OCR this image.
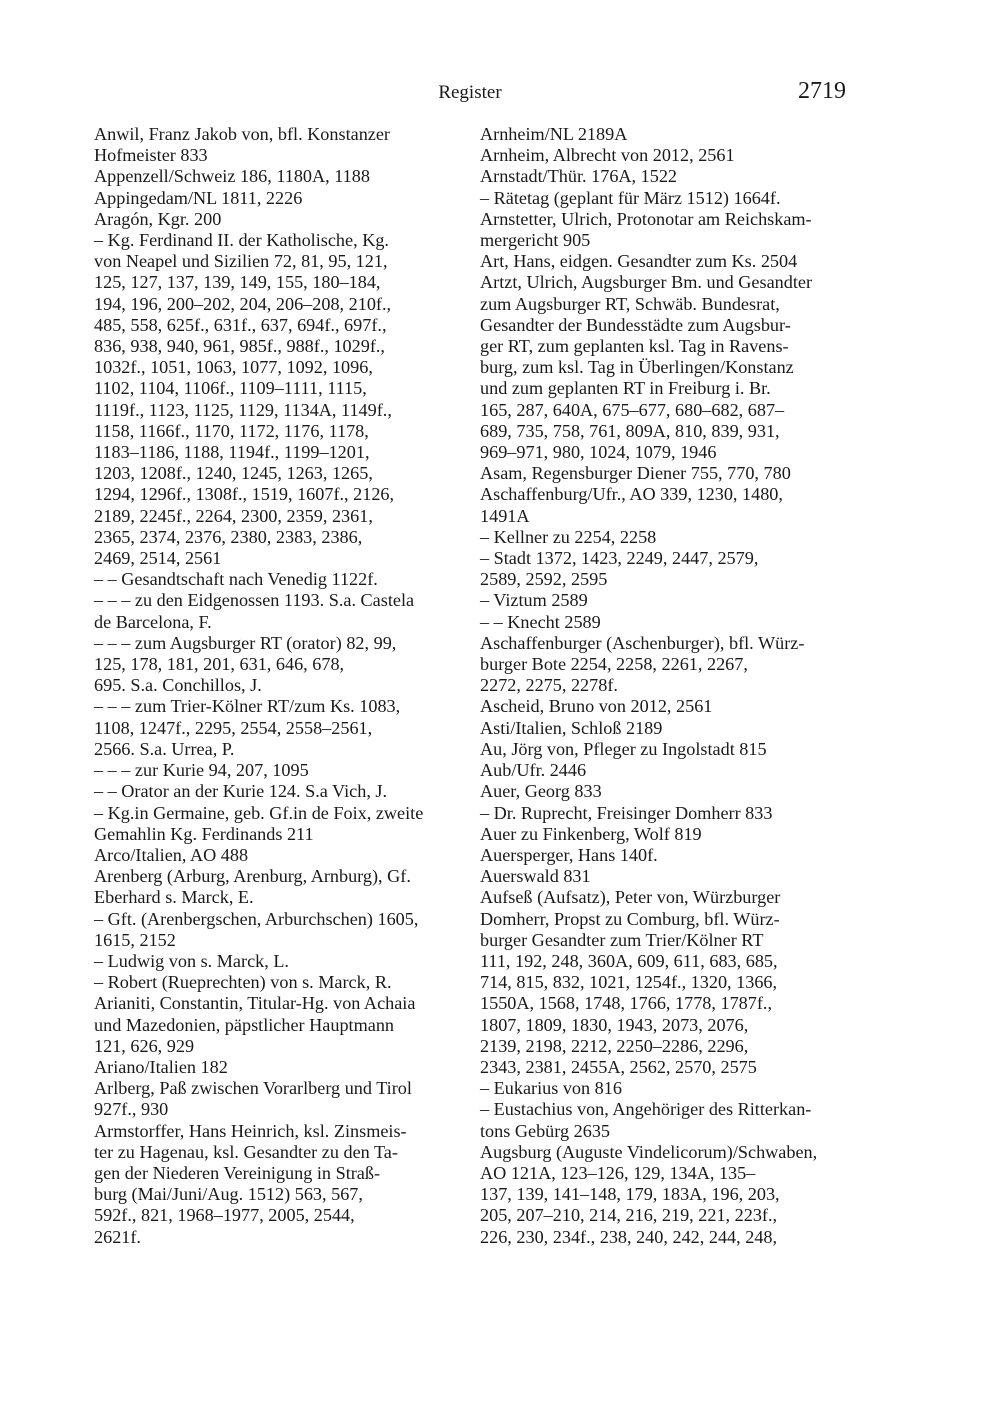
Register	2719

Anwil, Franz Jakob von, bfl. Konstanzer
Hofmeister 833

Appenzell/Schweiz 186, 1180A, 1188

Appingedam/NL 1811, 2226

Aragón, Kgr. 200

– Kg. Ferdinand II. der Katholische, Kg.
von Neapel und Sizilien 72, 81, 95, 121,
125, 127, 137, 139, 149, 155, 180–184,
194, 196, 200–202, 204, 206–208, 210f.,
485, 558, 625f., 631f., 637, 694f., 697f.,
836, 938, 940, 961, 985f., 988f., 1029f.,
1032f., 1051, 1063, 1077, 1092, 1096,
1102, 1104, 1106f., 1109–1111, 1115,
1119f., 1123, 1125, 1129, 1134A, 1149f.,
1158, 1166f., 1170, 1172, 1176, 1178,
1183–1186, 1188, 1194f., 1199–1201,
1203, 1208f., 1240, 1245, 1263, 1265,
1294, 1296f., 1308f., 1519, 1607f., 2126,
2189, 2245f., 2264, 2300, 2359, 2361,
2365, 2374, 2376, 2380, 2383, 2386,
2469, 2514, 2561

– – Gesandtschaft nach Venedig 1122f.

– – – zu den Eidgenossen 1193. S.a. Castela
de Barcelona, F.

– – – zum Augsburger RT (orator) 82, 99,
125, 178, 181, 201, 631, 646, 678,
695. S.a. Conchillos, J.

– – – zum Trier-Kölner RT/zum Ks. 1083,
1108, 1247f., 2295, 2554, 2558–2561,
2566. S.a. Urrea, P.

– – – zur Kurie 94, 207, 1095

– – Orator an der Kurie 124. S.a Vich, J.

– Kg.in Germaine, geb. Gf.in de Foix, zweite
Gemahlin Kg. Ferdinands 211

Arco/Italien, AO 488

Arenberg (Arburg, Arenburg, Arnburg), Gf.
Eberhard s. Marck, E.

– Gft. (Arenbergschen, Arburchschen) 1605,
1615, 2152

– Ludwig von s. Marck, L.

– Robert (Rueprechten) von s. Marck, R.

Arianiti, Constantin, Titular-Hg. von Achaia
und Mazedonien, päpstlicher Hauptmann
121, 626, 929

Ariano/Italien 182

Arlberg, Paß zwischen Vorarlberg und Tirol
927f., 930

Armstorffer, Hans Heinrich, ksl. Zinsmeis-
ter zu Hagenau, ksl. Gesandter zu den Ta-
gen der Niederen Vereinigung in Straß-
burg (Mai/Juni/Aug. 1512) 563, 567,
592f., 821, 1968–1977, 2005, 2544,
2621f.

Arnheim/NL 2189A

Arnheim, Albrecht von 2012, 2561

Arnstadt/Thür. 176A, 1522

– Rätetag (geplant für März 1512) 1664f.

Arnstetter, Ulrich, Protonotar am Reichskam-
mergericht 905

Art, Hans, eidgen. Gesandter zum Ks. 2504

Artzt, Ulrich, Augsburger Bm. und Gesandter
zum Augsburger RT, Schwäb. Bundesrat,
Gesandter der Bundesstädte zum Augsbur-
ger RT, zum geplanten ksl. Tag in Ravens-
burg, zum ksl. Tag in Überlingen/Konstanz
und zum geplanten RT in Freiburg i. Br.
165, 287, 640A, 675–677, 680–682, 687–
689, 735, 758, 761, 809A, 810, 839, 931,
969–971, 980, 1024, 1079, 1946

Asam, Regensburger Diener 755, 770, 780

Aschaffenburg/Ufr., AO 339, 1230, 1480,
1491A

– Kellner zu 2254, 2258

– Stadt 1372, 1423, 2249, 2447, 2579,
2589, 2592, 2595

– Viztum 2589

– – Knecht 2589

Aschaffenburger (Aschenburger), bfl. Würz-
burger Bote 2254, 2258, 2261, 2267,
2272, 2275, 2278f.

Ascheid, Bruno von 2012, 2561

Asti/Italien, Schloß 2189

Au, Jörg von, Pfleger zu Ingolstadt 815

Aub/Ufr. 2446

Auer, Georg 833

– Dr. Ruprecht, Freisinger Domherr 833

Auer zu Finkenberg, Wolf 819

Auersperger, Hans 140f.

Auerswald 831

Aufseß (Aufsatz), Peter von, Würzburger
Domherr, Propst zu Comburg, bfl. Würz-
burger Gesandter zum Trier/Kölner RT
111, 192, 248, 360A, 609, 611, 683, 685,
714, 815, 832, 1021, 1254f., 1320, 1366,
1550A, 1568, 1748, 1766, 1778, 1787f.,
1807, 1809, 1830, 1943, 2073, 2076,
2139, 2198, 2212, 2250–2286, 2296,
2343, 2381, 2455A, 2562, 2570, 2575

– Eukarius von 816

– Eustachius von, Angehöriger des Ritterkan-
tons Gebürg 2635

Augsburg (Auguste Vindelicorum)/Schwaben,
AO 121A, 123–126, 129, 134A, 135–
137, 139, 141–148, 179, 183A, 196, 203,
205, 207–210, 214, 216, 219, 221, 223f.,
226, 230, 234f., 238, 240, 242, 244, 248,
